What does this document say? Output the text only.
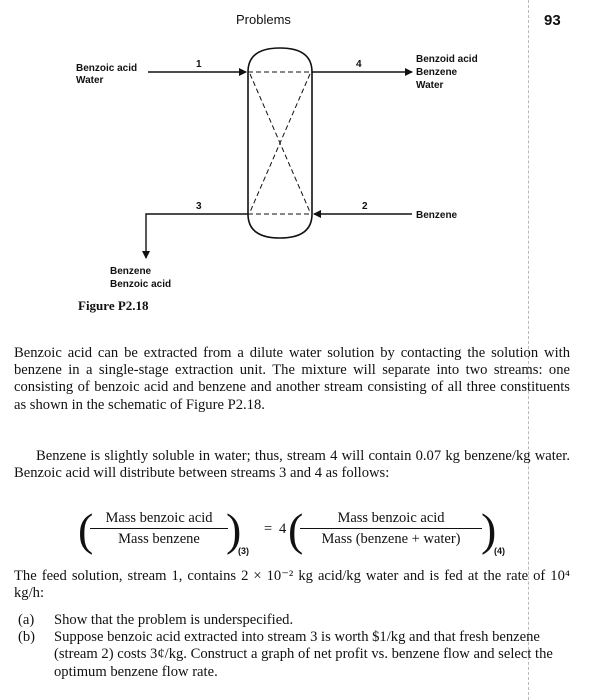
Problems	93
1
Benzoic acid
Water
4	Benzoid acid
Benzene
Water
2
Benzene
3
Benzene
Benzoic acid
Figure P2.18

Benzoic acid can be extracted from a dilute water solution by contacting the solution with benzene in a single-stage extraction unit. The mixture will separate into two streams: one consisting of benzoic acid and benzene and another stream consisting of all three constituents as shown in the schematic of Figure P2.18.

Benzene is slightly soluble in water; thus, stream 4 will contain 0.07 kg benzene/kg water. Benzoic acid will distribute between streams 3 and 4 as follows:

( Mass benzoic acid
Mass benzene )
(3)
= 4 (	Mass benzoic acid
Mass (benzene + water) )
(4)

The feed solution, stream 1, contains 2 × 10⁻² kg acid/kg water and is fed at the rate of 10⁴ kg/h:

(a) Show that the problem is underspecified.
(b) Suppose benzoic acid extracted into stream 3 is worth $1/kg and that fresh benzene (stream 2) costs 3¢/kg. Construct a graph of net profit vs. benzene flow and select the optimum benzene flow rate.
